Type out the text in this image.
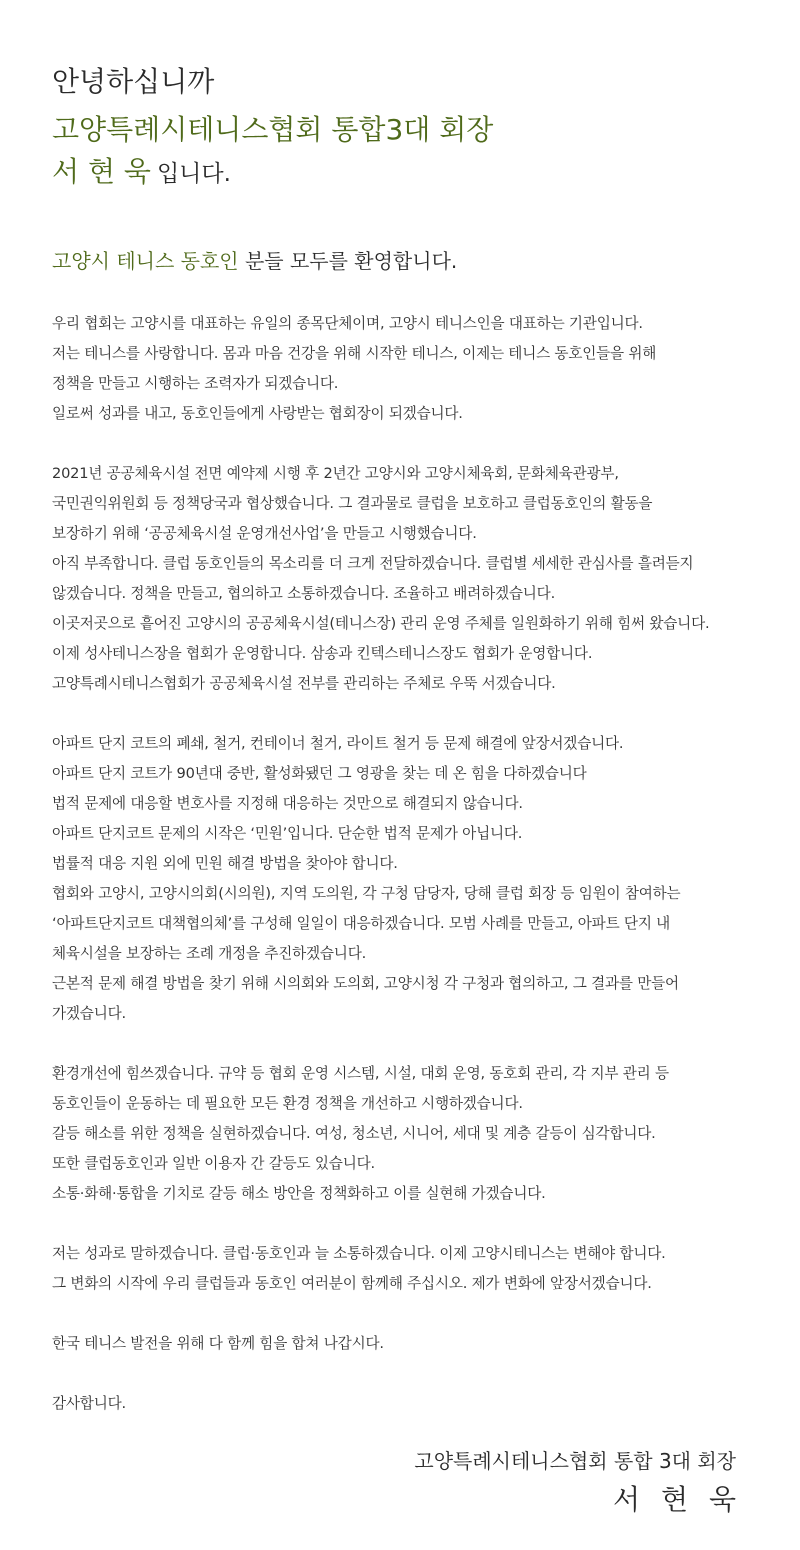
안녕하십니까
고양특례시테니스협회 통합3대 회장
서 현 욱 입니다.
고양시 테니스 동호인 분들 모두를 환영합니다.
우리 협회는 고양시를 대표하는 유일의 종목단체이며, 고양시 테니스인을 대표하는 기관입니다.
저는 테니스를 사랑합니다. 몸과 마음 건강을 위해 시작한 테니스, 이제는 테니스 동호인들을 위해
정책을 만들고 시행하는 조력자가 되겠습니다.
일로써 성과를 내고, 동호인들에게 사랑받는 협회장이 되겠습니다.
2021년 공공체육시설 전면 예약제 시행 후 2년간 고양시와 고양시체육회, 문화체육관광부,
국민권익위원회 등 정책당국과 협상했습니다. 그 결과물로 클럽을 보호하고 클럽동호인의 활동을
보장하기 위해 ‘공공체육시설 운영개선사업’을 만들고 시행했습니다.
아직 부족합니다. 클럽 동호인들의 목소리를 더 크게 전달하겠습니다. 클럽별 세세한 관심사를 흘려듣지
않겠습니다. 정책을 만들고, 협의하고 소통하겠습니다. 조율하고 배려하겠습니다.
이곳저곳으로 흩어진 고양시의 공공체육시설(테니스장) 관리 운영 주체를 일원화하기 위해 힘써 왔습니다.
이제 성사테니스장을 협회가 운영합니다. 삼송과 킨텍스테니스장도 협회가 운영합니다.
고양특례시테니스협회가 공공체육시설 전부를 관리하는 주체로 우뚝 서겠습니다.
아파트 단지 코트의 폐쇄, 철거, 컨테이너 철거, 라이트 철거 등 문제 해결에 앞장서겠습니다.
아파트 단지 코트가 90년대 중반, 활성화됐던 그 영광을 찾는 데 온 힘을 다하겠습니다
법적 문제에 대응할 변호사를 지정해 대응하는 것만으로 해결되지 않습니다.
아파트 단지코트 문제의 시작은 ‘민원’입니다. 단순한 법적 문제가 아닙니다.
법률적 대응 지원 외에 민원 해결 방법을 찾아야 합니다.
협회와 고양시, 고양시의회(시의원), 지역 도의원, 각 구청 담당자, 당해 클럽 회장 등 임원이 참여하는
‘아파트단지코트 대책협의체’를 구성해 일일이 대응하겠습니다. 모범 사례를 만들고, 아파트 단지 내
체육시설을 보장하는 조례 개정을 추진하겠습니다.
근본적 문제 해결 방법을 찾기 위해 시의회와 도의회, 고양시청 각 구청과 협의하고, 그 결과를 만들어
가겠습니다.
환경개선에 힘쓰겠습니다. 규약 등 협회 운영 시스템, 시설, 대회 운영, 동호회 관리, 각 지부 관리 등
동호인들이 운동하는 데 필요한 모든 환경 정책을 개선하고 시행하겠습니다.
갈등 해소를 위한 정책을 실현하겠습니다. 여성, 청소년, 시니어, 세대 및 계층 갈등이 심각합니다.
또한 클럽동호인과 일반 이용자 간 갈등도 있습니다.
소통·화해·통합을 기치로 갈등 해소 방안을 정책화하고 이를 실현해 가겠습니다.
저는 성과로 말하겠습니다. 클럽·동호인과 늘 소통하겠습니다. 이제 고양시테니스는 변해야 합니다.
그 변화의 시작에 우리 클럽들과 동호인 여러분이 함께해 주십시오. 제가 변화에 앞장서겠습니다.
한국 테니스 발전을 위해 다 함께 힘을 합쳐 나갑시다.
감사합니다.
고양특례시테니스협회 통합 3대 회장
서 현 욱
